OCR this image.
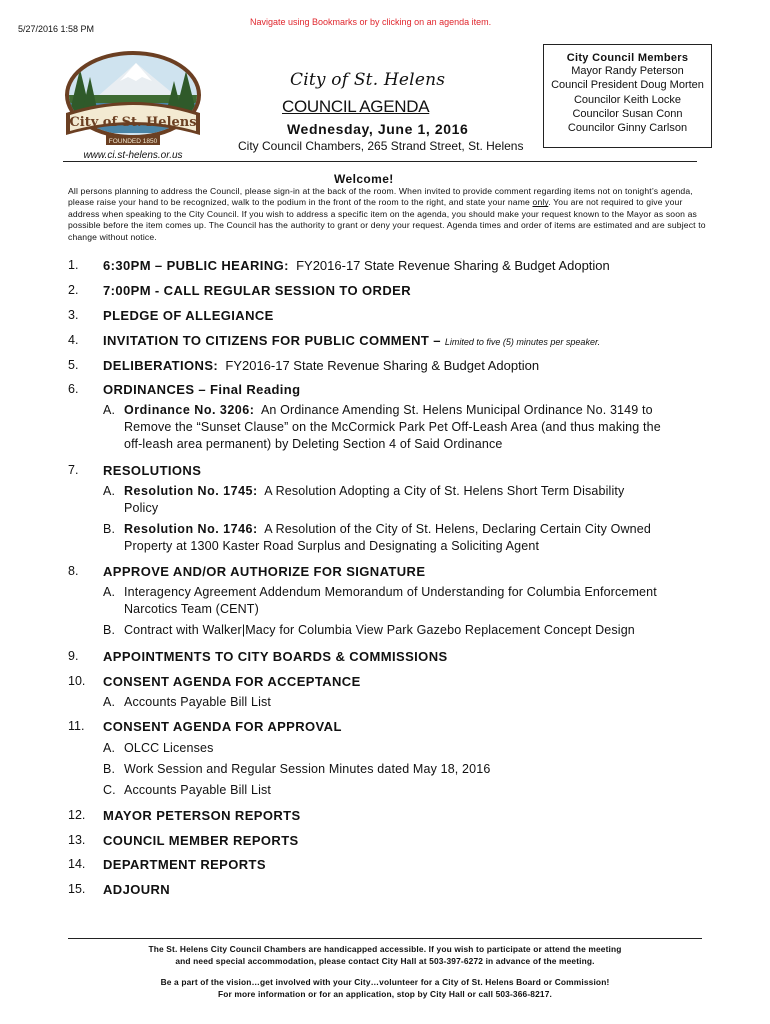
5/27/2016 1:58 PM
Navigate using Bookmarks or by clicking on an agenda item.
City of St. Helens
FOUNDED 1850
www.ci.st-helens.or.us
City of St. Helens
COUNCIL AGENDA
Wednesday, June 1, 2016
City Council Chambers, 265 Strand Street, St. Helens
City Council Members
Mayor Randy Peterson
Council President Doug Morten
Councilor Keith Locke
Councilor Susan Conn
Councilor Ginny Carlson
Welcome!
All persons planning to address the Council, please sign-in at the back of the room. When invited to provide comment regarding items not on tonight’s agenda, please raise your hand to be recognized, walk to the podium in the front of the room to the right, and state your name only. You are not required to give your address when speaking to the City Council. If you wish to address a specific item on the agenda, you should make your request known to the Mayor as soon as possible before the item comes up. The Council has the authority to grant or deny your request. Agenda times and order of items are estimated and are subject to change without notice.
1. 6:30PM – PUBLIC HEARING: FY2016-17 State Revenue Sharing & Budget Adoption
2. 7:00PM - CALL REGULAR SESSION TO ORDER
3. PLEDGE OF ALLEGIANCE
4. INVITATION TO CITIZENS FOR PUBLIC COMMENT – Limited to five (5) minutes per speaker.
5. DELIBERATIONS: FY2016-17 State Revenue Sharing & Budget Adoption
6. ORDINANCES – Final Reading
A. Ordinance No. 3206: An Ordinance Amending St. Helens Municipal Ordinance No. 3149 to
Remove the “Sunset Clause” on the McCormick Park Pet Off-Leash Area (and thus making the
off-leash area permanent) by Deleting Section 4 of Said Ordinance
7. RESOLUTIONS
A. Resolution No. 1745: A Resolution Adopting a City of St. Helens Short Term Disability
Policy
B. Resolution No. 1746: A Resolution of the City of St. Helens, Declaring Certain City Owned
Property at 1300 Kaster Road Surplus and Designating a Soliciting Agent
8. APPROVE AND/OR AUTHORIZE FOR SIGNATURE
A. Interagency Agreement Addendum Memorandum of Understanding for Columbia Enforcement
Narcotics Team (CENT)
B. Contract with Walker|Macy for Columbia View Park Gazebo Replacement Concept Design
9. APPOINTMENTS TO CITY BOARDS & COMMISSIONS
10. CONSENT AGENDA FOR ACCEPTANCE
A. Accounts Payable Bill List
11. CONSENT AGENDA FOR APPROVAL
A. OLCC Licenses
B. Work Session and Regular Session Minutes dated May 18, 2016
C. Accounts Payable Bill List
12. MAYOR PETERSON REPORTS
13. COUNCIL MEMBER REPORTS
14. DEPARTMENT REPORTS
15. ADJOURN
The St. Helens City Council Chambers are handicapped accessible. If you wish to participate or attend the meeting
and need special accommodation, please contact City Hall at 503-397-6272 in advance of the meeting.
Be a part of the vision…get involved with your City…volunteer for a City of St. Helens Board or Commission!
For more information or for an application, stop by City Hall or call 503-366-8217.
